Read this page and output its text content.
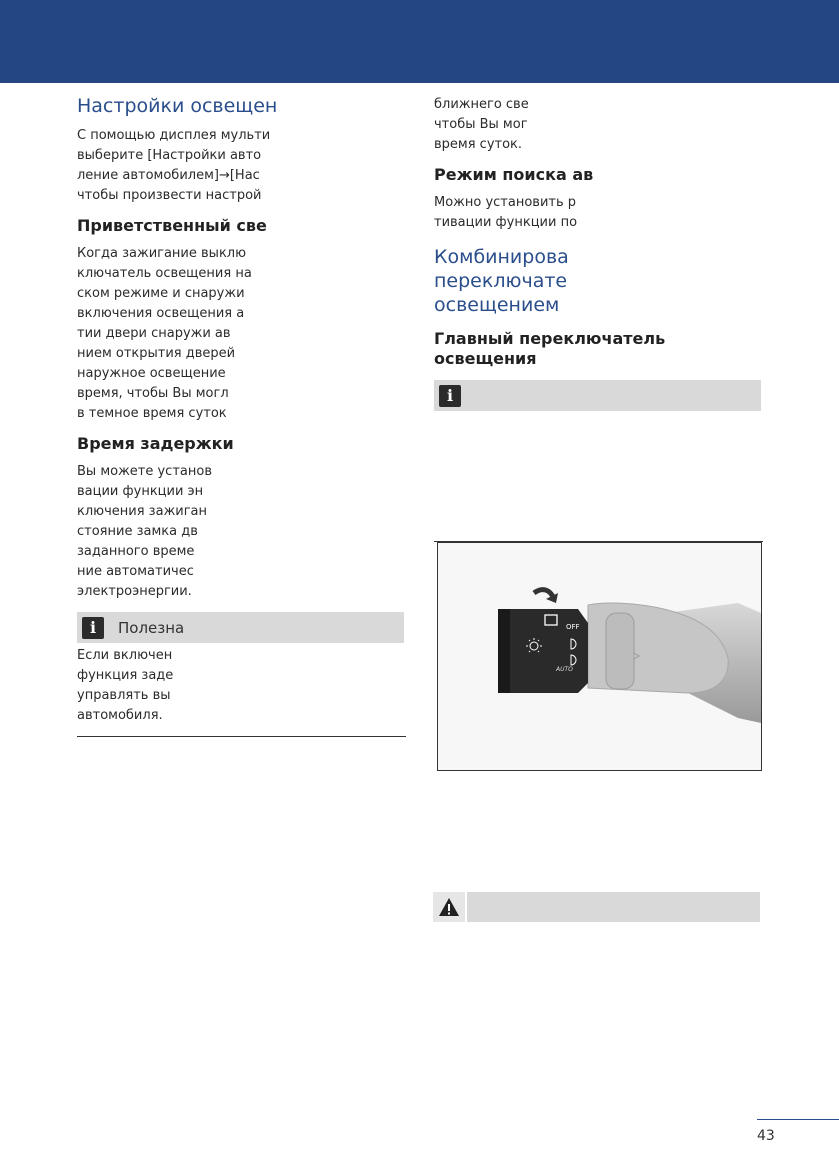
Настройки освещен

С помощью дисплея мульти
выберите [Настройки авто
ление автомобилем]→[Нас
чтобы произвести настрой

Приветственный све

Когда зажигание выклю
ключатель освещения на
ском режиме и снаружи
включения освещения а
тии двери снаружи ав
нием открытия дверей
наружное освещение
время, чтобы Вы могл
в темное время суток

Время задержки

Вы можете установ
вации функции эн
ключения зажиган
стояние замка дв
заданного време
ние автоматичес
электроэнергии.

i	Полезна

Если включен
функция заде
управлять вы
автомобиля.

ближнего све
чтобы Вы мог
время суток.

Режим поиска ав

Можно установить р
тивации функции по

Комбинирова
переключате
освещением
Главный переключатель освещения
i
OFF
AUTO
43
